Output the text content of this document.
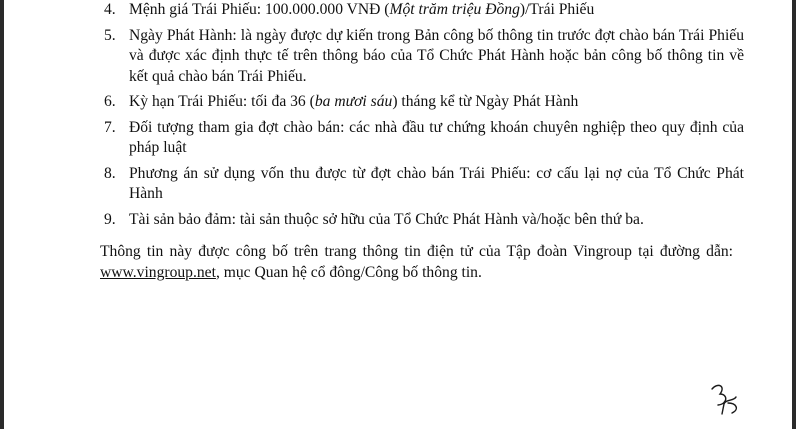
4. Mệnh giá Trái Phiếu: 100.000.000 VNĐ (Một trăm triệu Đồng)/Trái Phiếu
5. Ngày Phát Hành: là ngày được dự kiến trong Bản công bố thông tin trước đợt chào bán Trái Phiếu và được xác định thực tế trên thông báo của Tổ Chức Phát Hành hoặc bản công bố thông tin về kết quả chào bán Trái Phiếu.
6. Kỳ hạn Trái Phiếu: tối đa 36 (ba mươi sáu) tháng kể từ Ngày Phát Hành
7. Đối tượng tham gia đợt chào bán: các nhà đầu tư chứng khoán chuyên nghiệp theo quy định của pháp luật
8. Phương án sử dụng vốn thu được từ đợt chào bán Trái Phiếu: cơ cấu lại nợ của Tổ Chức Phát Hành
9. Tài sản bảo đảm: tài sản thuộc sở hữu của Tổ Chức Phát Hành và/hoặc bên thứ ba.

Thông tin này được công bố trên trang thông tin điện tử của Tập đoàn Vingroup tại đường dẫn: www.vingroup.net, mục Quan hệ cổ đông/Công bố thông tin.
